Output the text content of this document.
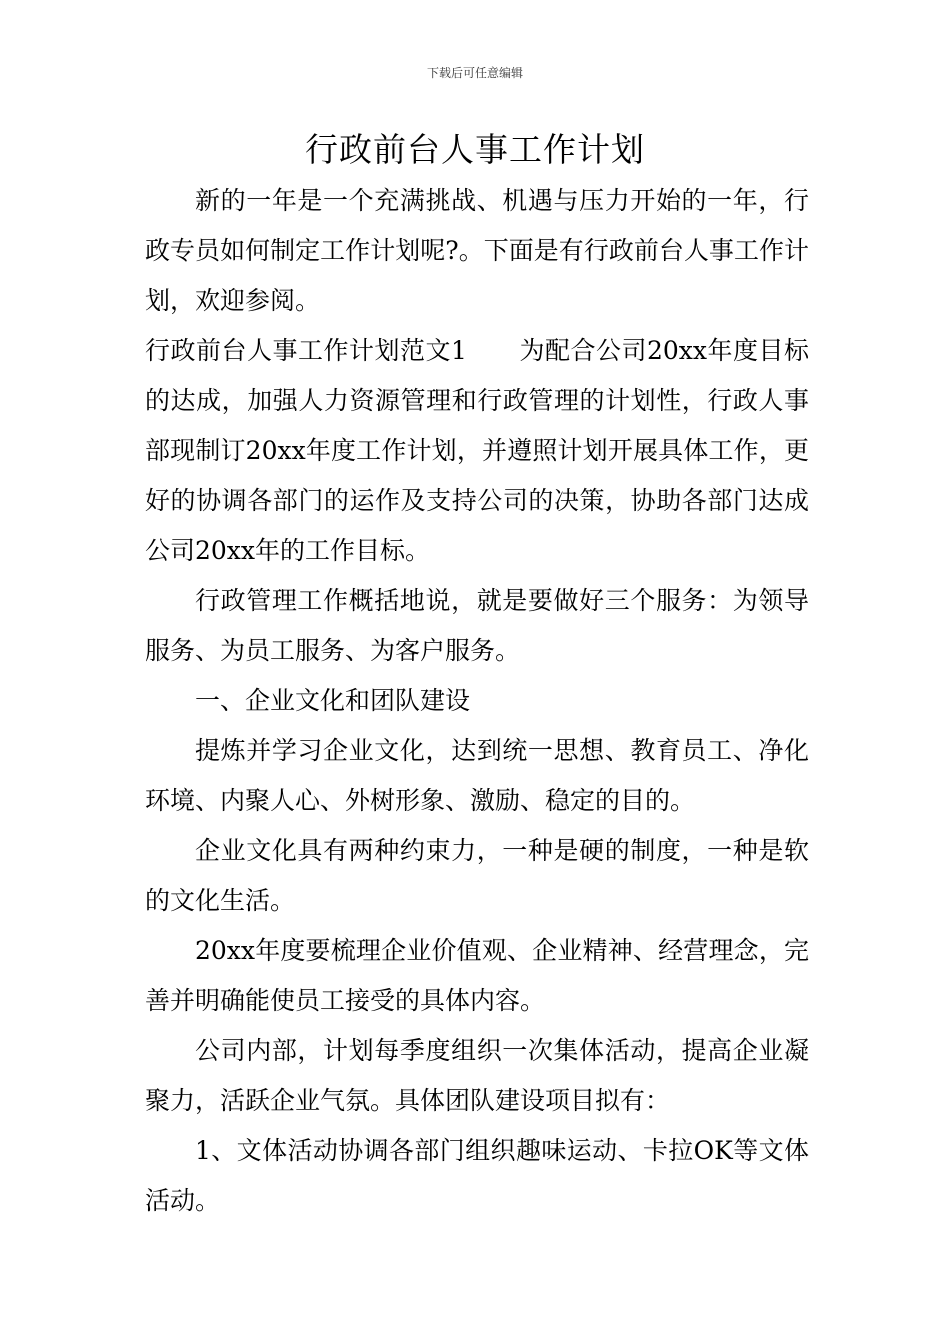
下载后可任意编辑
行政前台人事工作计划

新的一年是一个充满挑战、机遇与压力开始的一年，行政专员如何制定工作计划呢?。下面是有行政前台人事工作计划，欢迎参阅。

行政前台人事工作计划范文1 为配合公司20xx年度目标的达成，加强人力资源管理和行政管理的计划性，行政人事部现制订20xx年度工作计划，并遵照计划开展具体工作，更好的协调各部门的运作及支持公司的决策，协助各部门达成公司20xx年的工作目标。

行政管理工作概括地说，就是要做好三个服务：为领导服务、为员工服务、为客户服务。

一、企业文化和团队建设

提炼并学习企业文化，达到统一思想、教育员工、净化环境、内聚人心、外树形象、激励、稳定的目的。

企业文化具有两种约束力，一种是硬的制度，一种是软的文化生活。

20xx年度要梳理企业价值观、企业精神、经营理念，完善并明确能使员工接受的具体内容。

公司内部，计划每季度组织一次集体活动，提高企业凝聚力，活跃企业气氛。具体团队建设项目拟有：

1、文体活动协调各部门组织趣味运动、卡拉OK等文体活动。
